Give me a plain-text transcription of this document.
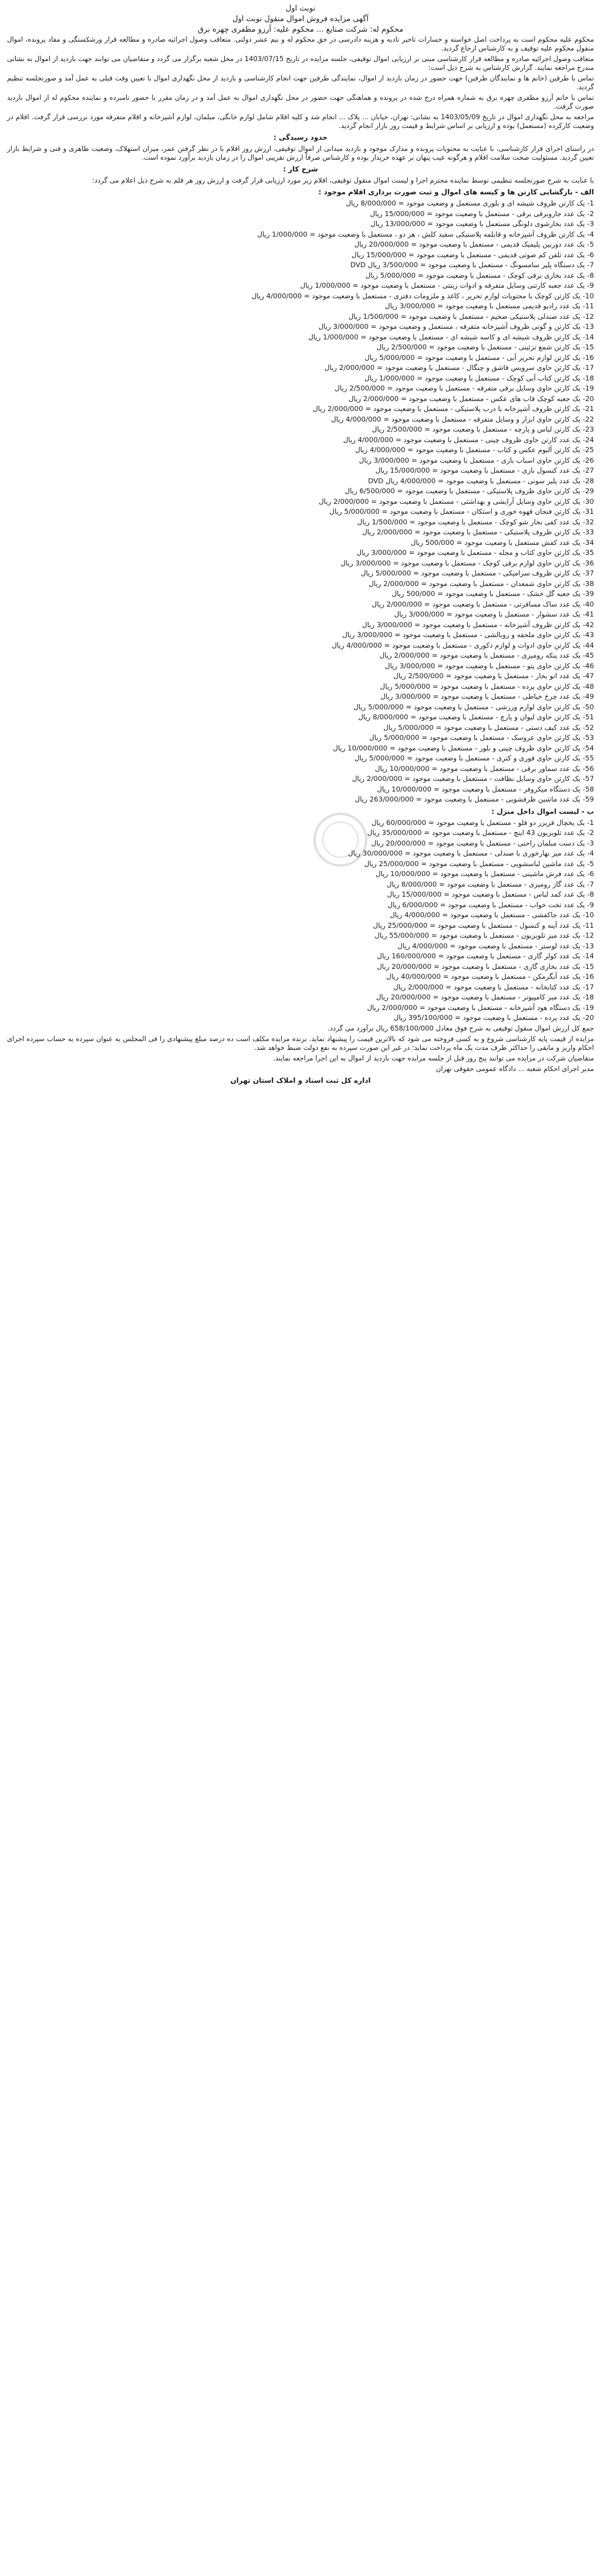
نوبت اول
آگهی مزایده فروش اموال منقول نوبت اول
محکوم له: شرکت صنایع ... محکوم علیه: آرزو مظفری چهره برق

محکوم علیه محکوم است به پرداخت اصل خواسته و خسارات تاخیر تادیه و هزینه دادرسی در حق محکوم له و نیم عشر دولتی. متعاقب وصول اجرائیه صادره و مطالعه قرار ورشکستگی و مفاد پرونده، اموال منقول محکوم علیه توقیف و به کارشناس ارجاع گردید.

متعاقب وصول اجرائیه صادره و مطالعه قرار کارشناسی مبنی بر ارزیابی اموال توقیفی، جلسه مزایده در تاریخ 1403/07/15 در محل شعبه برگزار می گردد و متقاضیان می توانند جهت بازدید از اموال به نشانی مندرج مراجعه نمایند. گزارش کارشناس به شرح ذیل است:

تماس با طرفین (خانم ها و نمایندگان طرفین) جهت حضور در زمان بازدید از اموال، نمایندگی طرفین جهت انجام کارشناسی و بازدید از محل نگهداری اموال با تعیین وقت قبلی به عمل آمد و صورتجلسه تنظیم گردید.

تماس با خانم آرزو مظفری چهره برق به شماره همراه درج شده در پرونده و هماهنگی جهت حضور در محل نگهداری اموال به عمل آمد و در زمان مقرر با حضور نامبرده و نماینده محکوم له از اموال بازدید صورت گرفت.

مراجعه به محل نگهداری اموال در تاریخ 1403/05/09 به نشانی: تهران، خیابان ... پلاک ... انجام شد و کلیه اقلام شامل لوازم خانگی، مبلمان، لوازم آشپزخانه و اقلام متفرقه مورد بررسی قرار گرفت. اقلام در وضعیت کارکرده (مستعمل) بوده و ارزیابی بر اساس شرایط و قیمت روز بازار انجام گردید.

حدود رسیدگی :

در راستای اجرای قرار کارشناسی، با عنایت به محتویات پرونده و مدارک موجود و بازدید میدانی از اموال توقیفی، ارزش روز اقلام با در نظر گرفتن عمر، میزان استهلاک، وضعیت ظاهری و فنی و شرایط بازار تعیین گردید. مسئولیت صحت سلامت اقلام و هرگونه عیب پنهان بر عهده خریدار بوده و کارشناس صرفاً ارزش تقریبی اموال را در زمان بازدید برآورد نموده است.

شرح کار :

با عنایت به شرح صورتجلسه تنظیمی توسط نماینده محترم اجرا و لیست اموال منقول توقیفی، اقلام زیر مورد ارزیابی قرار گرفت و ارزش روز هر قلم به شرح ذیل اعلام می گردد:

الف - بازگشایی کارتن ها و کیسه های اموال و ثبت صورت برداری اقلام موجود :
1- یک کارتن ظروف شیشه ای و بلوری مستعمل و وضعیت موجود = 8/000/000 ریال
2- یک عدد جاروبرقی برقی - مستعمل با وضعیت موجود = 15/000/000 ریال
3- یک عدد بخارشوی دلونگی مستعمل با وضعیت موجود = 13/000/000 ریال
4- یک کارتن ظروف آشپزخانه و قابلمه پلاستیکی سفید کلش ، هر دو ، مستعمل با وضعیت موجود = 1/000/000 ریال
5- یک عدد دوربین پلیمیک قدیمی - مستعمل با وضعیت موجود = 20/000/000 ریال
6- یک عدد تلفن کم صوتی قدیمی - مستعمل با وضعیت موجود = 15/000/000 ریال
7- یک دستگاه پلیر سامسونگ - مستعمل با وضعیت موجود = 3/500/000 ریال DVD
8- یک عدد بخاری برقی کوچک - مستعمل با وضعیت موجود = 5/000/000 ریال
9- یک عدد جعبه کارتنی وسایل متفرقه و ادوات زینتی - مستعمل با وضعیت موجود = 1/000/000 ریال
10- یک کارتن کوچک با محتویات لوازم تحریر ، کاغذ و ملزومات دفتری - مستعمل با وضعیت موجود = 4/000/000 ریال
11- یک عدد رادیو قدیمی مستعمل با وضعیت موجود = 3/000/000 ریال
12- یک عدد صندلی پلاستیکی ضخیم - مستعمل با وضعیت موجود = 1/500/000 ریال
13- یک کارتن و گونی ظروف آشپزخانه متفرقه ، مستعمل و وضعیت موجود = 3/000/000 ریال
14- یک کارتن ظروف شیشه ای و کاسه شیشه ای - مستعمل با وضعیت موجود = 1/000/000 ریال
15- یک کارتن شمع تزئینی - مستعمل با وضعیت موجود = 2/500/000 ریال
16- یک کارتن لوازم تحریر آبی - مستعمل با وضعیت موجود = 5/000/000 ریال
17- یک کارتن حاوی سرویس قاشق و چنگال - مستعمل با وضعیت موجود = 2/000/000 ریال
18- یک کارتن کتاب آبی کوچک - مستعمل با وضعیت موجود = 1/000/000 ریال
19- یک کارتن حاوی وسایل برقی متفرقه - مستعمل با وضعیت موجود = 2/500/000 ریال
20- یک جعبه کوچک قاب های عکس - مستعمل با وضعیت موجود = 2/000/000 ریال
21- یک کارتن ظروف آشپزخانه با درب پلاستیکی - مستعمل با وضعیت موجود = 2/000/000 ریال
22- یک کارتن حاوی ابزار و وسایل متفرقه - مستعمل با وضعیت موجود = 4/000/000 ریال
23- یک کارتن لباس و پارچه - مستعمل با وضعیت موجود = 2/500/000 ریال
24- یک عدد کارتن حاوی ظروف چینی - مستعمل با وضعیت موجود = 4/000/000 ریال
25- یک کارتن آلبوم عکس و کتاب - مستعمل با وضعیت موجود = 4/000/000 ریال
26- یک کارتن حاوی اسباب بازی - مستعمل با وضعیت موجود = 3/000/000 ریال
27- یک عدد کنسول بازی - مستعمل با وضعیت موجود = 15/000/000 ریال
28- یک عدد پلیر سونی - مستعمل با وضعیت موجود = 4/000/000 ریال DVD
29- یک کارتن حاوی ظروف پلاستیکی - مستعمل با وضعیت موجود = 6/500/000 ریال
30- یک کارتن حاوی وسایل آرایشی و بهداشتی - مستعمل با وضعیت موجود = 2/000/000 ریال
31- یک کارتن فنجان قهوه خوری و استکان - مستعمل با وضعیت موجود = 5/000/000 ریال
32- یک عدد کفی بخار شو کوچک - مستعمل با وضعیت موجود = 1/500/000 ریال
33- یک کارتن ظروف پلاستیکی - مستعمل با وضعیت موجود = 2/000/000 ریال
34- یک عدد کفش مستعمل با وضعیت موجود = 500/000 ریال
35- یک کارتن حاوی کتاب و مجله - مستعمل با وضعیت موجود = 3/000/000 ریال
36- یک کارتن حاوی لوازم برقی کوچک - مستعمل با وضعیت موجود = 3/000/000 ریال
37- یک کارتن ظروف سرامیکی - مستعمل با وضعیت موجود = 5/000/000 ریال
38- یک کارتن حاوی شمعدان - مستعمل با وضعیت موجود = 2/000/000 ریال
39- یک جعبه گل خشک - مستعمل با وضعیت موجود = 500/000 ریال
40- یک عدد ساک مسافرتی - مستعمل با وضعیت موجود = 2/000/000 ریال
41- یک عدد سشوار - مستعمل با وضعیت موجود = 3/000/000 ریال
42- یک کارتن ظروف آشپزخانه - مستعمل با وضعیت موجود = 3/000/000 ریال
43- یک کارتن حاوی ملحفه و روبالشی - مستعمل با وضعیت موجود = 3/000/000 ریال
44- یک کارتن حاوی ادوات و لوازم دکوری - مستعمل با وضعیت موجود = 4/000/000 ریال
45- یک عدد پنکه رومیزی - مستعمل با وضعیت موجود = 2/000/000 ریال
46- یک کارتن حاوی پتو - مستعمل با وضعیت موجود = 3/000/000 ریال
47- یک عدد اتو بخار - مستعمل با وضعیت موجود = 2/500/000 ریال
48- یک کارتن حاوی پرده - مستعمل با وضعیت موجود = 5/000/000 ریال
49- یک عدد چرخ خیاطی - مستعمل با وضعیت موجود = 3/000/000 ریال
50- یک کارتن حاوی لوازم ورزشی - مستعمل با وضعیت موجود = 5/000/000 ریال
51- یک کارتن حاوی لیوان و پارچ - مستعمل با وضعیت موجود = 8/000/000 ریال
52- یک عدد کیف دستی - مستعمل با وضعیت موجود = 5/000/000 ریال
53- یک کارتن حاوی عروسک - مستعمل با وضعیت موجود = 5/000/000 ریال
54- یک کارتن حاوی ظروف چینی و بلور - مستعمل با وضعیت موجود = 10/000/000 ریال
55- یک کارتن حاوی قوری و کتری - مستعمل با وضعیت موجود = 5/000/000 ریال
56- یک عدد سماور برقی - مستعمل با وضعیت موجود = 10/000/000 ریال
57- یک کارتن حاوی وسایل نظافت - مستعمل با وضعیت موجود = 2/000/000 ریال
58- یک دستگاه میکروفر - مستعمل با وضعیت موجود = 10/000/000 ریال
59- یک عدد ماشین ظرفشویی - مستعمل با وضعیت موجود = 263/000/000 ریال
ب - لیست اموال داخل منزل :
1- یک یخچال فریزر دو قلو - مستعمل با وضعیت موجود = 60/000/000 ریال
2- یک عدد تلویزیون 43 اینچ - مستعمل با وضعیت موجود = 35/000/000 ریال
3- یک دست مبلمان راحتی - مستعمل با وضعیت موجود = 20/000/000 ریال
4- یک عدد میز نهارخوری با صندلی - مستعمل با وضعیت موجود = 30/000/000 ریال
5- یک عدد ماشین لباسشویی - مستعمل با وضعیت موجود = 25/000/000 ریال
6- یک عدد فرش ماشینی - مستعمل با وضعیت موجود = 10/000/000 ریال
7- یک عدد گاز رومیزی - مستعمل با وضعیت موجود = 8/000/000 ریال
8- یک عدد کمد لباس - مستعمل با وضعیت موجود = 15/000/000 ریال
9- یک عدد تخت خواب - مستعمل با وضعیت موجود = 6/000/000 ریال
10- یک عدد جاکفشی - مستعمل با وضعیت موجود = 4/000/000 ریال
11- یک عدد آینه و کنسول - مستعمل با وضعیت موجود = 25/000/000 ریال
12- یک عدد میز تلویزیون - مستعمل با وضعیت موجود = 55/000/000 ریال
13- یک عدد لوستر - مستعمل با وضعیت موجود = 4/000/000 ریال
14- یک عدد کولر گازی - مستعمل با وضعیت موجود = 160/000/000 ریال
15- یک عدد بخاری گازی - مستعمل با وضعیت موجود = 20/000/000 ریال
16- یک عدد آبگرمکن - مستعمل با وضعیت موجود = 40/000/000 ریال
17- یک عدد کتابخانه - مستعمل با وضعیت موجود = 2/000/000 ریال
18- یک عدد میز کامپیوتر - مستعمل با وضعیت موجود = 20/000/000 ریال
19- یک دستگاه هود آشپزخانه - مستعمل با وضعیت موجود = 2/000/000 ریال
20- یک عدد پرده - مستعمل با وضعیت موجود = 395/100/000 ریال

جمع کل ارزش اموال منقول توقیفی به شرح فوق معادل 658/100/000 ریال برآورد می گردد.

مزایده از قیمت پایه کارشناسی شروع و به کسی فروخته می شود که بالاترین قیمت را پیشنهاد نماید. برنده مزایده مکلف است ده درصد مبلغ پیشنهادی را فی المجلس به عنوان سپرده به حساب سپرده اجرای احکام واریز و مابقی را حداکثر ظرف مدت یک ماه پرداخت نماید؛ در غیر این صورت سپرده به نفع دولت ضبط خواهد شد.

متقاضیان شرکت در مزایده می توانند پنج روز قبل از جلسه مزایده جهت بازدید از اموال به این اجرا مراجعه نمایند.

مدیر اجرای احکام شعبه ... دادگاه عمومی حقوقی تهران

اداره کل ثبت اسناد و املاک استان تهران
